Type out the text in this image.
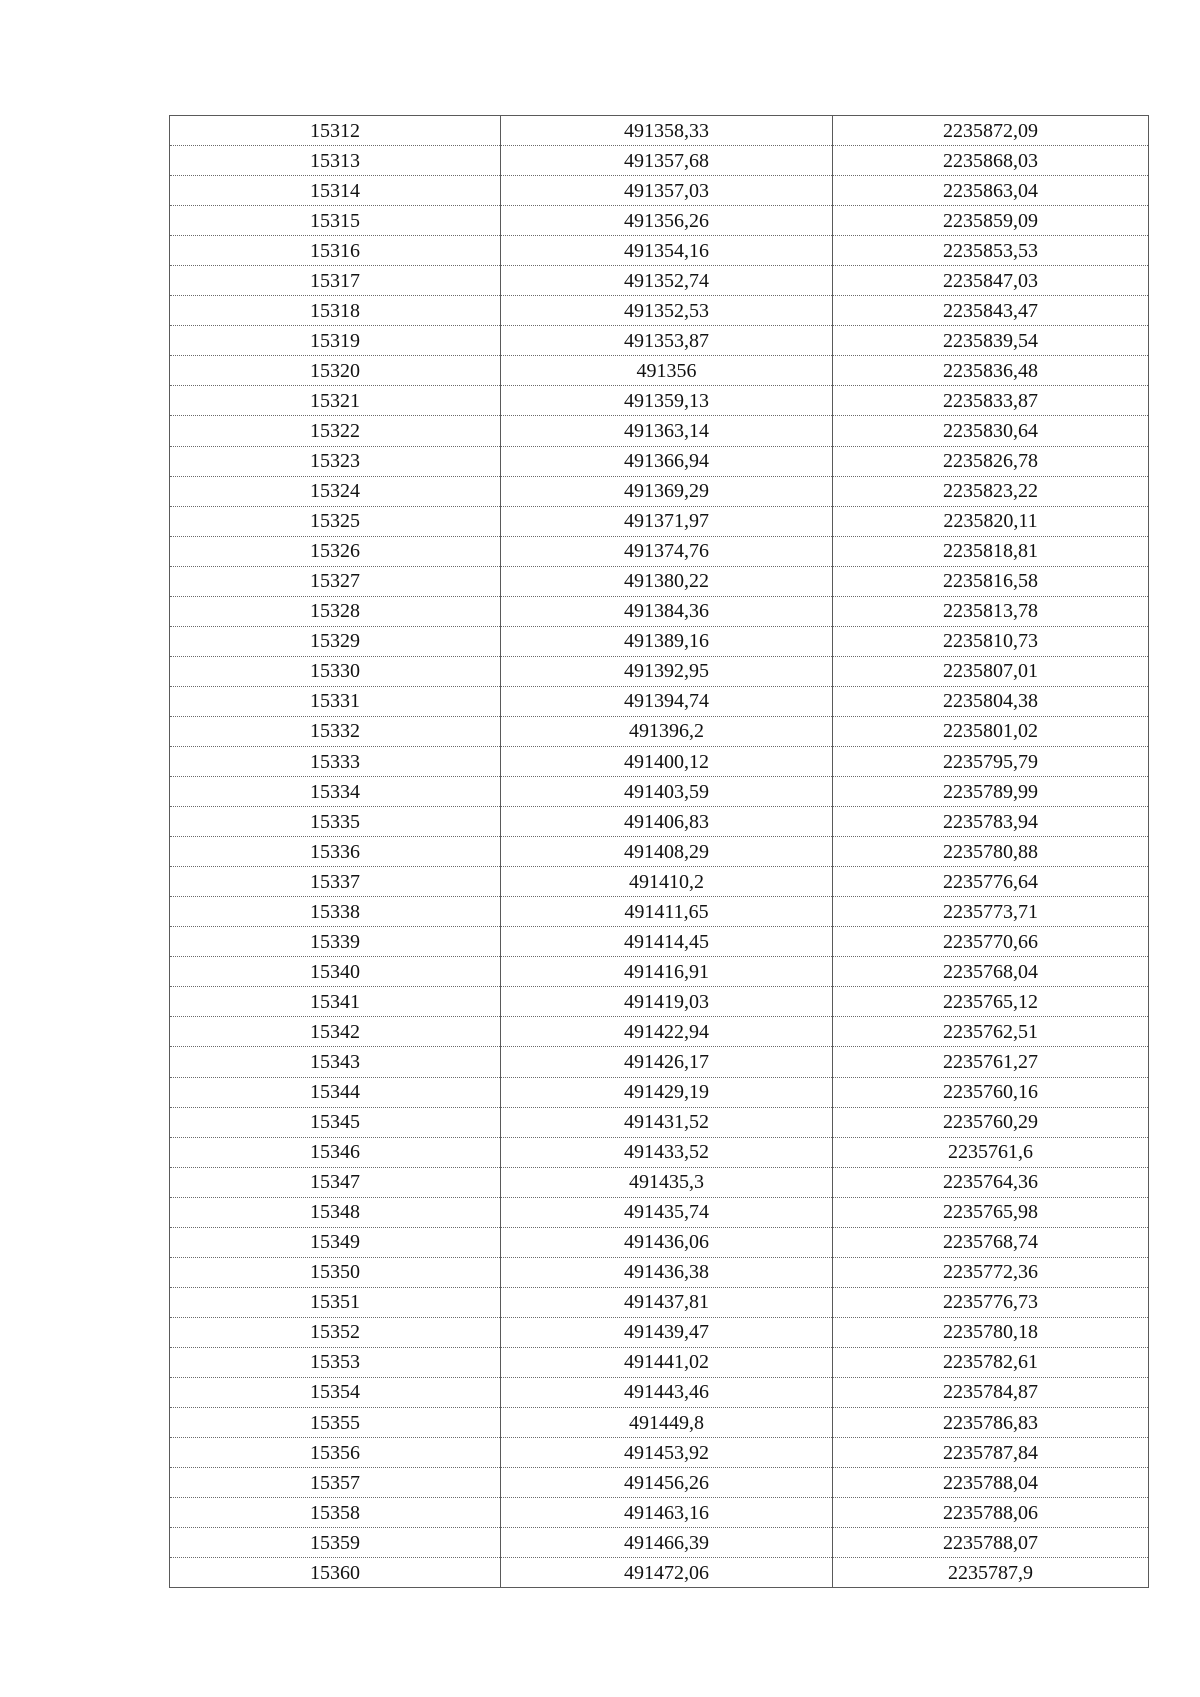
15312	491358,33	2235872,09
15313	491357,68	2235868,03
15314	491357,03	2235863,04
15315	491356,26	2235859,09
15316	491354,16	2235853,53
15317	491352,74	2235847,03
15318	491352,53	2235843,47
15319	491353,87	2235839,54
15320	491356	2235836,48
15321	491359,13	2235833,87
15322	491363,14	2235830,64
15323	491366,94	2235826,78
15324	491369,29	2235823,22
15325	491371,97	2235820,11
15326	491374,76	2235818,81
15327	491380,22	2235816,58
15328	491384,36	2235813,78
15329	491389,16	2235810,73
15330	491392,95	2235807,01
15331	491394,74	2235804,38
15332	491396,2	2235801,02
15333	491400,12	2235795,79
15334	491403,59	2235789,99
15335	491406,83	2235783,94
15336	491408,29	2235780,88
15337	491410,2	2235776,64
15338	491411,65	2235773,71
15339	491414,45	2235770,66
15340	491416,91	2235768,04
15341	491419,03	2235765,12
15342	491422,94	2235762,51
15343	491426,17	2235761,27
15344	491429,19	2235760,16
15345	491431,52	2235760,29
15346	491433,52	2235761,6
15347	491435,3	2235764,36
15348	491435,74	2235765,98
15349	491436,06	2235768,74
15350	491436,38	2235772,36
15351	491437,81	2235776,73
15352	491439,47	2235780,18
15353	491441,02	2235782,61
15354	491443,46	2235784,87
15355	491449,8	2235786,83
15356	491453,92	2235787,84
15357	491456,26	2235788,04
15358	491463,16	2235788,06
15359	491466,39	2235788,07
15360	491472,06	2235787,9
